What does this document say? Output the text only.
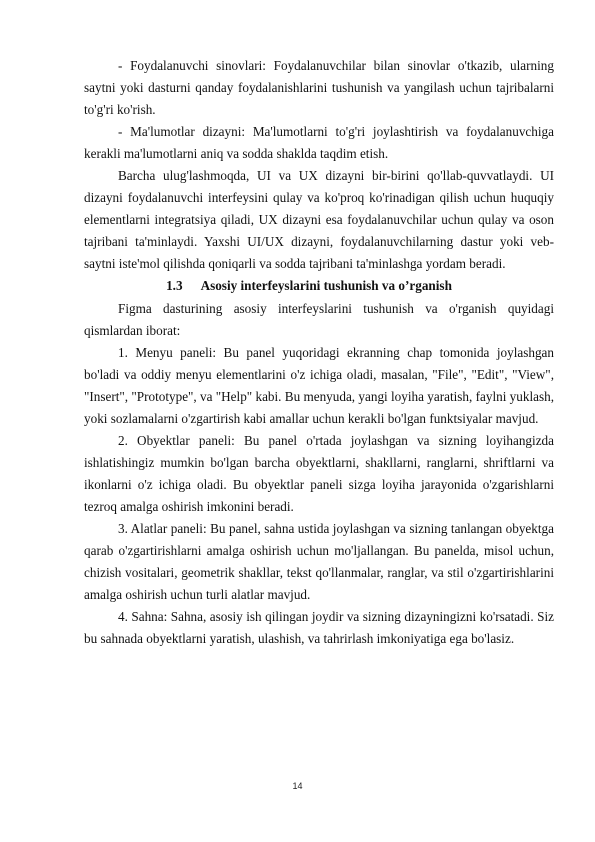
- Foydalanuvchi sinovlari: Foydalanuvchilar bilan sinovlar o'tkazib, ularning saytni yoki dasturni qanday foydalanishlarini tushunish va yangilash uchun tajribalarni to'g'ri ko'rish.

- Ma'lumotlar dizayni: Ma'lumotlarni to'g'ri joylashtirish va foydalanuvchiga kerakli ma'lumotlarni aniq va sodda shaklda taqdim etish.

Barcha ulug'lashmoqda, UI va UX dizayni bir-birini qo'llab-quvvatlaydi. UI dizayni foydalanuvchi interfeysini qulay va ko'proq ko'rinadigan qilish uchun huquqiy elementlarni integratsiya qiladi, UX dizayni esa foydalanuvchilar uchun qulay va oson tajribani ta'minlaydi. Yaxshi UI/UX dizayni, foydalanuvchilarning dastur yoki veb-saytni iste'mol qilishda qoniqarli va sodda tajribani ta'minlashga yordam beradi.

1.3 Asosiy interfeyslarini tushunish va o’rganish

Figma dasturining asosiy interfeyslarini tushunish va o'rganish quyidagi qismlardan iborat:

1. Menyu paneli: Bu panel yuqoridagi ekranning chap tomonida joylashgan bo'ladi va oddiy menyu elementlarini o'z ichiga oladi, masalan, "File", "Edit", "View", "Insert", "Prototype", va "Help" kabi. Bu menyuda, yangi loyiha yaratish, faylni yuklash, yoki sozlamalarni o'zgartirish kabi amallar uchun kerakli bo'lgan funktsiyalar mavjud.

2. Obyektlar paneli: Bu panel o'rtada joylashgan va sizning loyihangizda ishlatishingiz mumkin bo'lgan barcha obyektlarni, shakllarni, ranglarni, shriftlarni va ikonlarni o'z ichiga oladi. Bu obyektlar paneli sizga loyiha jarayonida o'zgarishlarni tezroq amalga oshirish imkonini beradi.

3. Alatlar paneli: Bu panel, sahna ustida joylashgan va sizning tanlangan obyektga qarab o'zgartirishlarni amalga oshirish uchun mo'ljallangan. Bu panelda, misol uchun, chizish vositalari, geometrik shakllar, tekst qo'llanmalar, ranglar, va stil o'zgartirishlarini amalga oshirish uchun turli alatlar mavjud.

4. Sahna: Sahna, asosiy ish qilingan joydir va sizning dizayningizni ko'rsatadi. Siz bu sahnada obyektlarni yaratish, ulashish, va tahrirlash imkoniyatiga ega bo'lasiz.

14
